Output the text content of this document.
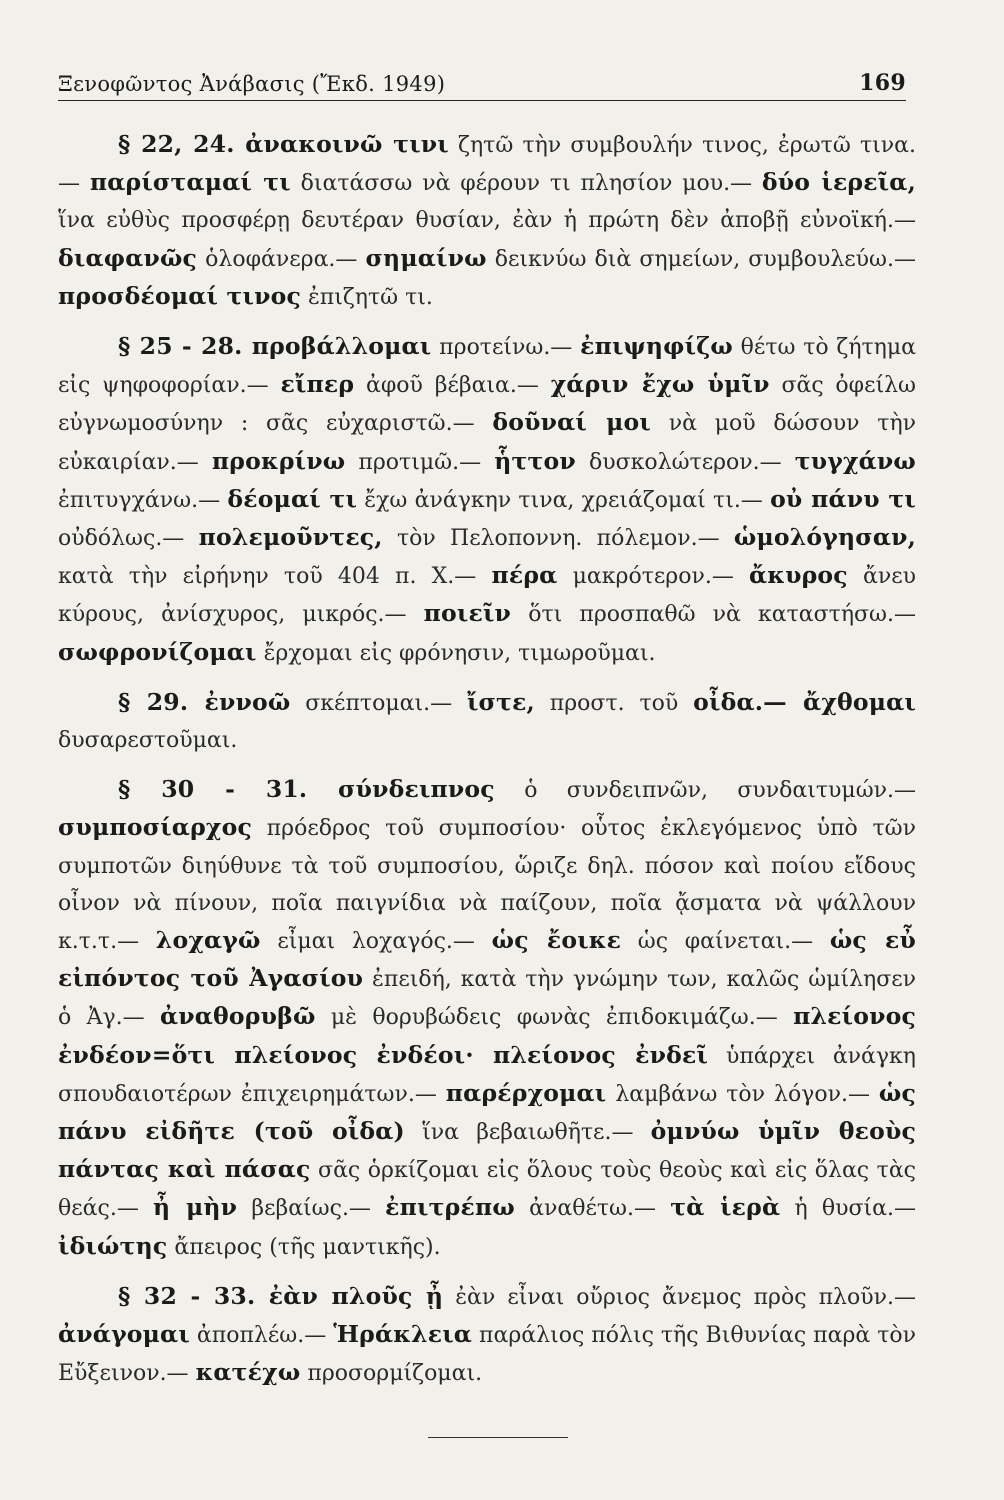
Ξενοφῶντος Ἀνάβασις (Ἔκδ. 1949)	169

§ 22, 24. ἀνακοινῶ τινι ζητῶ τὴν συμβουλήν τινος, ἐρωτῶ τινα.— παρίσταμαί τι διατάσσω νὰ φέρουν τι πλησίον μου.— δύο ἱερεῖα, ἵνα εὐθὺς προσφέρῃ δευτέραν θυσίαν, ἐὰν ἡ πρώτη δὲν ἀποβῇ εὐνοϊκή.— διαφανῶς ὁλοφάνερα.— σημαίνω δεικνύω διὰ σημείων, συμβουλεύω.— προσδέομαί τινος ἐπιζητῶ τι.

§ 25 - 28. προβάλλομαι προτείνω.— ἐπιψηφίζω θέτω τὸ ζήτημα εἰς ψηφοφορίαν.— εἴπερ ἀφοῦ βέβαια.— χάριν ἔχω ὑμῖν σᾶς ὀφείλω εὐγνωμοσύνην : σᾶς εὐχαριστῶ.— δοῦναί μοι νὰ μοῦ δώσουν τὴν εὐκαιρίαν.— προκρίνω προτιμῶ.— ἧττον δυσκολώτερον.— τυγχάνω ἐπιτυγχάνω.— δέομαί τι ἔχω ἀνάγκην τινα, χρειάζομαί τι.— οὐ πάνυ τι οὐδόλως.— πολεμοῦντες, τὸν Πελοποννη. πόλεμον.— ὡμολόγησαν, κατὰ τὴν εἰρήνην τοῦ 404 π. Χ.— πέρα μακρότερον.— ἄκυρος ἄνευ κύρους, ἀνίσχυρος, μικρός.— ποιεῖν ὅτι προσπαθῶ νὰ καταστήσω.— σωφρονίζομαι ἔρχομαι εἰς φρόνησιν, τιμωροῦμαι.

§ 29. ἐννοῶ σκέπτομαι.— ἴστε, προστ. τοῦ οἶδα.— ἄχθομαι δυσαρεστοῦμαι.

§ 30 - 31. σύνδειπνος ὁ συνδειπνῶν, συνδαιτυμών.— συμποσίαρχος πρόεδρος τοῦ συμποσίου· οὗτος ἐκλεγόμενος ὑπὸ τῶν συμποτῶν διηύθυνε τὰ τοῦ συμποσίου, ὥριζε δηλ. πόσον καὶ ποίου εἴδους οἶνον νὰ πίνουν, ποῖα παιγνίδια νὰ παίζουν, ποῖα ᾄσματα νὰ ψάλλουν κ.τ.τ.— λοχαγῶ εἶμαι λοχαγός.— ὡς ἔοικε ὡς φαίνεται.— ὡς εὖ εἰπόντος τοῦ Ἀγασίου ἐπειδή, κατὰ τὴν γνώμην των, καλῶς ὡμίλησεν ὁ Ἀγ.— ἀναθορυβῶ μὲ θορυβώδεις φωνὰς ἐπιδοκιμάζω.— πλείονος ἐνδέον=ὅτι πλείονος ἐνδέοι· πλείονος ἐνδεῖ ὑπάρχει ἀνάγκη σπουδαιοτέρων ἐπιχειρημάτων.— παρέρχομαι λαμβάνω τὸν λόγον.— ὡς πάνυ εἰδῆτε (τοῦ οἶδα) ἵνα βεβαιωθῆτε.— ὀμνύω ὑμῖν θεοὺς πάντας καὶ πάσας σᾶς ὁρκίζομαι εἰς ὅλους τοὺς θεοὺς καὶ εἰς ὅλας τὰς θεάς.— ἦ μὴν βεβαίως.— ἐπιτρέπω ἀναθέτω.— τὰ ἱερὰ ἡ θυσία.— ἰδιώτης ἄπειρος (τῆς μαντικῆς).

§ 32 - 33. ἐὰν πλοῦς ᾖ ἐὰν εἶναι οὔριος ἄνεμος πρὸς πλοῦν.— ἀνάγομαι ἀποπλέω.— Ἡράκλεια παράλιος πόλις τῆς Βιθυνίας παρὰ τὸν Εὔξεινον.— κατέχω προσορμίζομαι.
